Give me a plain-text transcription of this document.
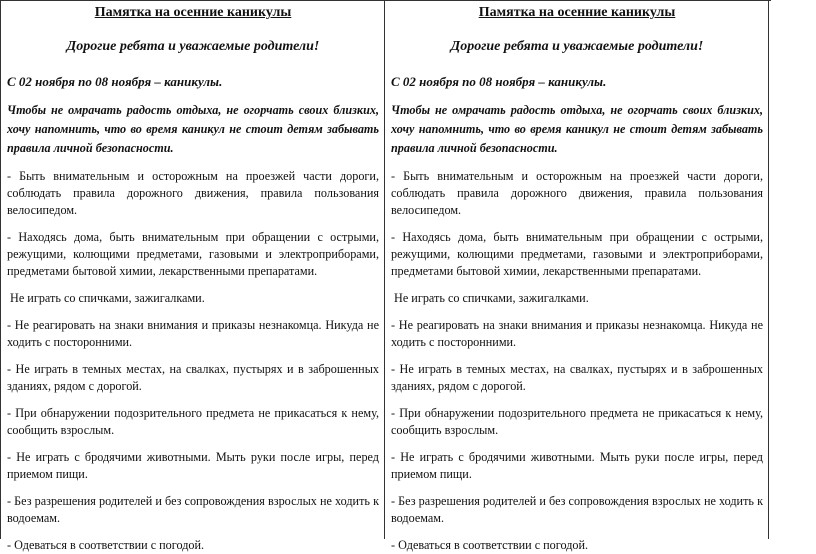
Памятка на осенние каникулы
Дорогие ребята и уважаемые родители!
С 02 ноября по 08 ноября – каникулы.
Чтобы не омрачать радость отдыха, не огорчать своих близких, хочу напомнить, что во время каникул не стоит детям забывать правила личной безопасности.
- Быть внимательным и осторожным на проезжей части дороги, соблюдать правила дорожного движения, правила пользования велосипедом.
- Находясь дома, быть внимательным при обращении с острыми, режущими, колющими предметами, газовыми и электроприборами, предметами бытовой химии, лекарственными препаратами.
Не играть со спичками, зажигалками.
- Не реагировать на знаки внимания и приказы незнакомца. Никуда не ходить с посторонними.
- Не играть в темных местах, на свалках, пустырях и в заброшенных зданиях, рядом с дорогой.
- При обнаружении подозрительного предмета не прикасаться к нему, сообщить взрослым.
- Не играть с бродячими животными. Мыть руки после игры, перед приемом пищи.
- Без разрешения родителей и без сопровождения взрослых не ходить к водоемам.
- Одеваться в соответствии с погодой.
Памятка на осенние каникулы
Дорогие ребята и уважаемые родители!
С 02 ноября по 08 ноября – каникулы.
Чтобы не омрачать радость отдыха, не огорчать своих близких, хочу напомнить, что во время каникул не стоит детям забывать правила личной безопасности.
- Быть внимательным и осторожным на проезжей части дороги, соблюдать правила дорожного движения, правила пользования велосипедом.
- Находясь дома, быть внимательным при обращении с острыми, режущими, колющими предметами, газовыми и электроприборами, предметами бытовой химии, лекарственными препаратами.
Не играть со спичками, зажигалками.
- Не реагировать на знаки внимания и приказы незнакомца. Никуда не ходить с посторонними.
- Не играть в темных местах, на свалках, пустырях и в заброшенных зданиях, рядом с дорогой.
- При обнаружении подозрительного предмета не прикасаться к нему, сообщить взрослым.
- Не играть с бродячими животными. Мыть руки после игры, перед приемом пищи.
- Без разрешения родителей и без сопровождения взрослых не ходить к водоемам.
- Одеваться в соответствии с погодой.
